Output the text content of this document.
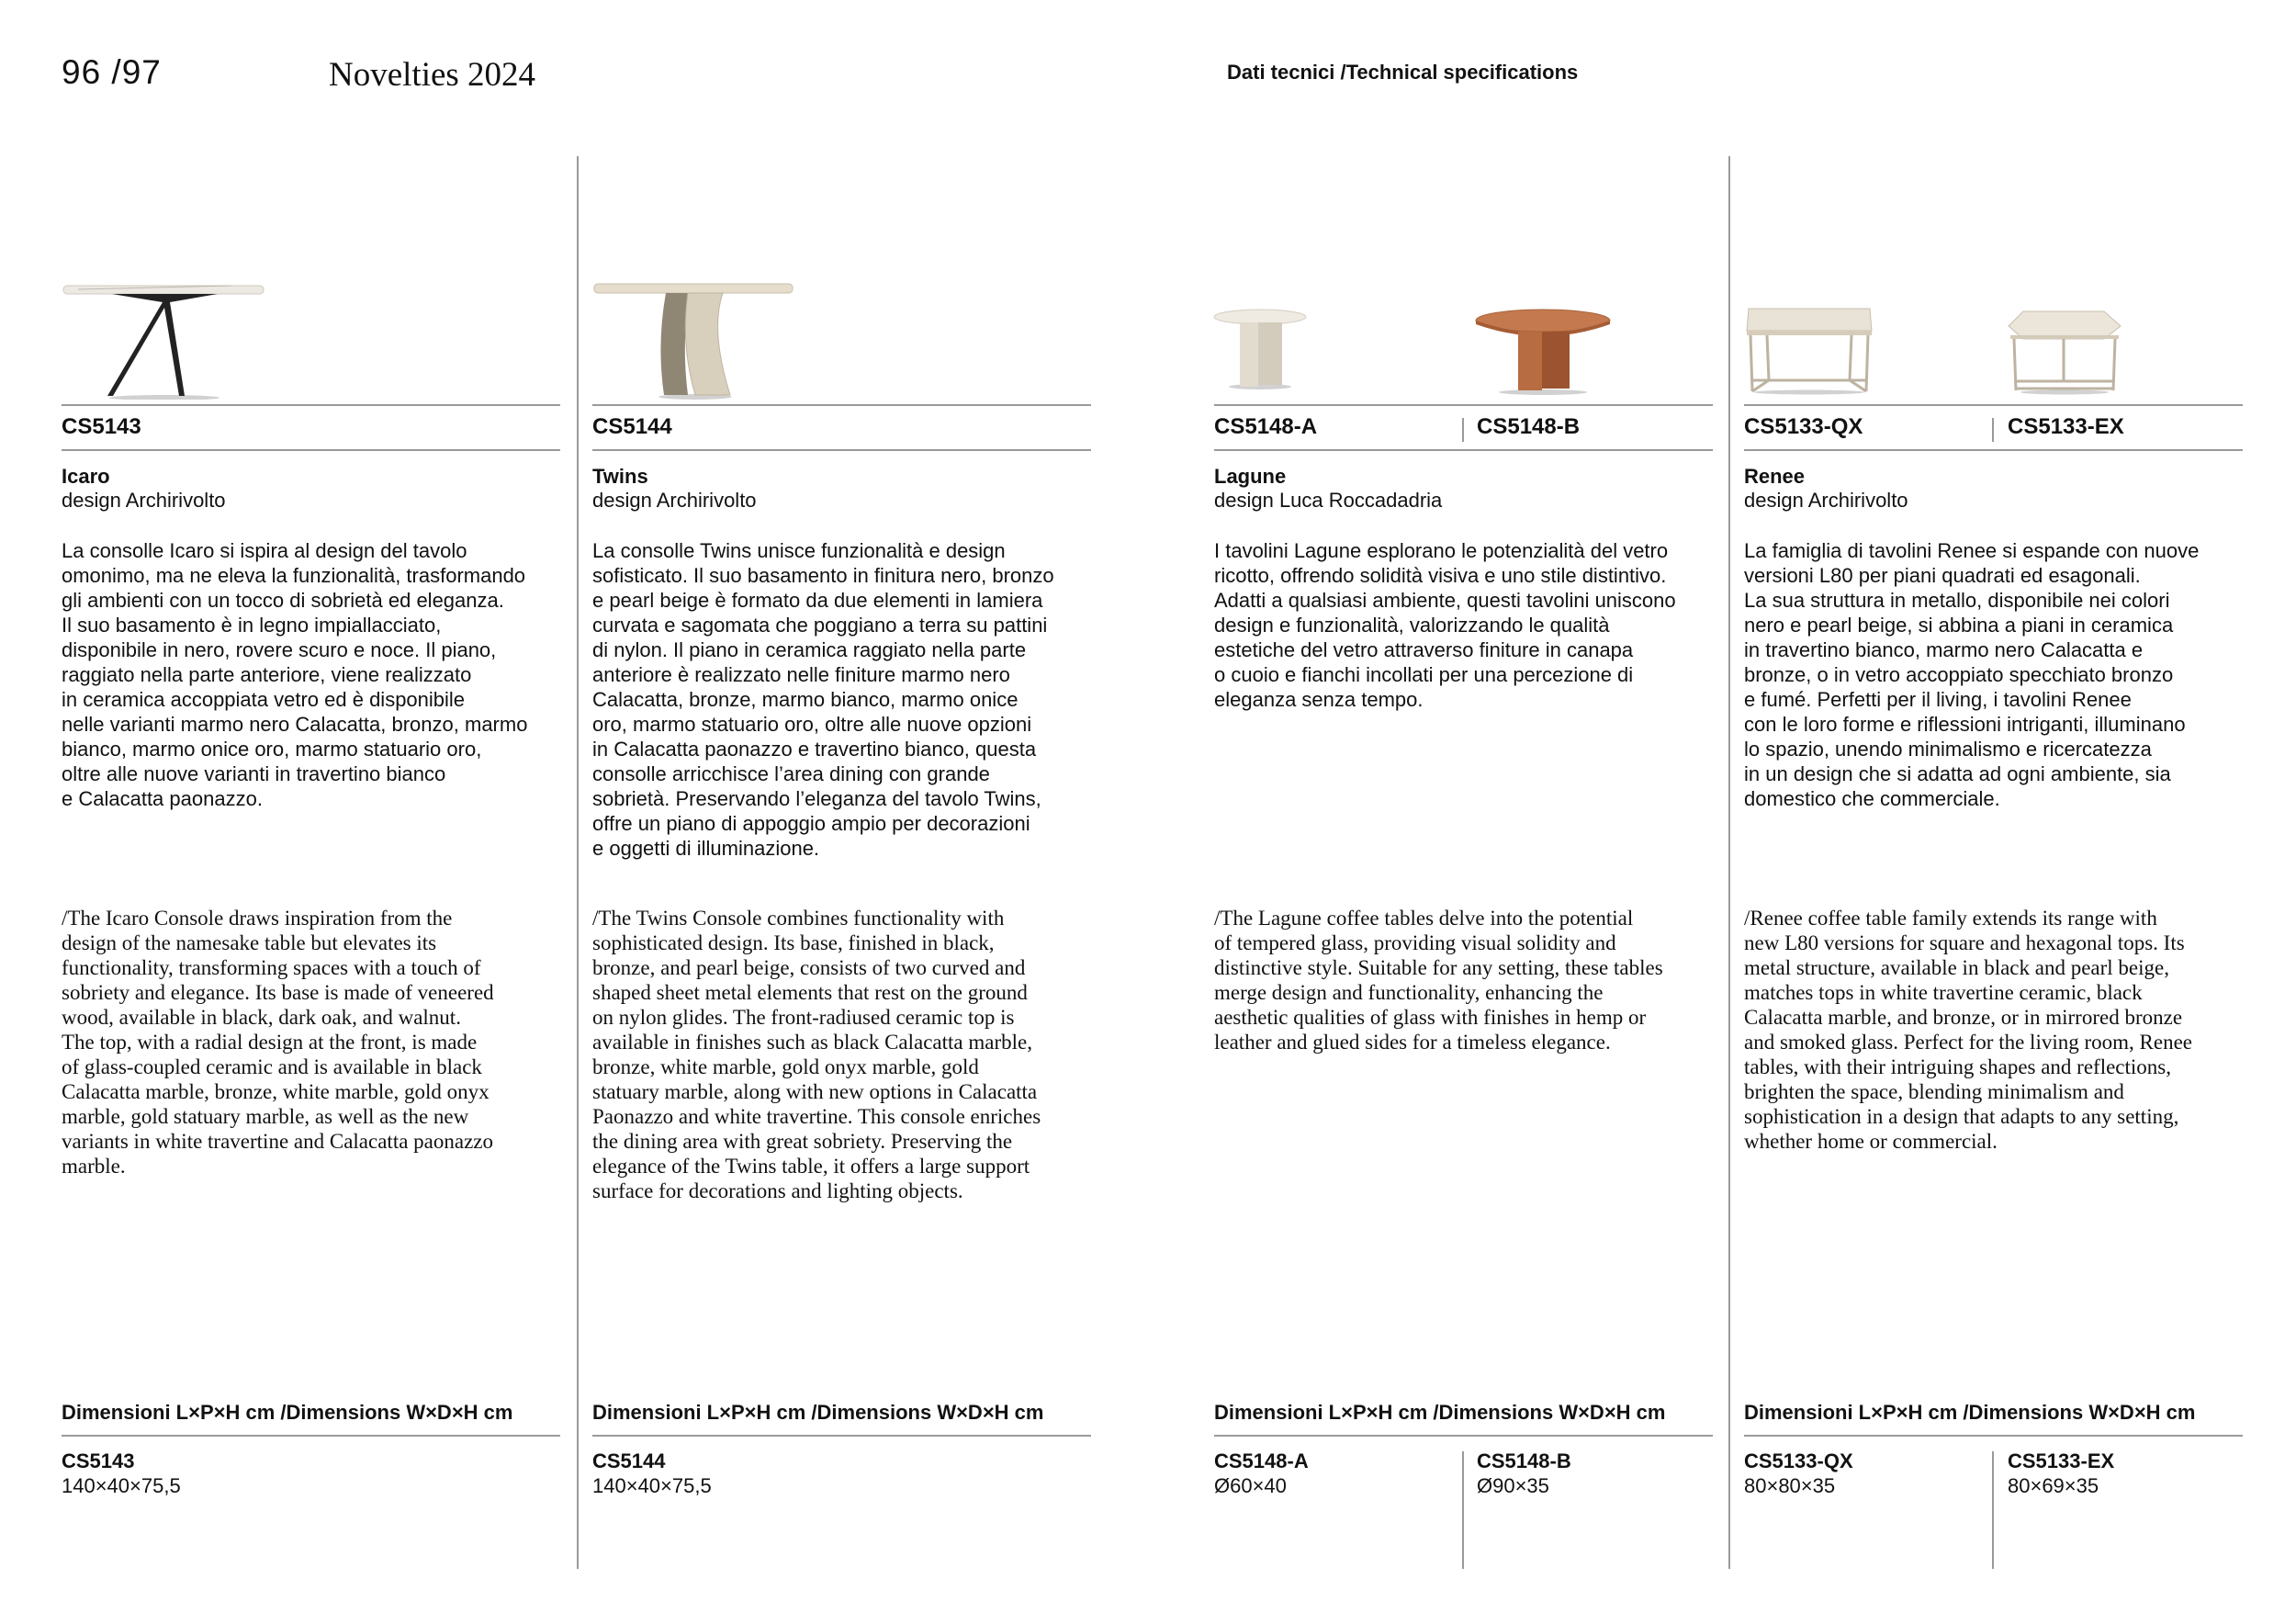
96 /97	Novelties 2024	Dati tecnici /Technical specifications
CS5143
Icaro
design Archirivolto
La consolle Icaro si ispira al design del tavolo
omonimo, ma ne eleva la funzionalità, trasformando
gli ambienti con un tocco di sobrietà ed eleganza.
Il suo basamento è in legno impiallacciato,
disponibile in nero, rovere scuro e noce. Il piano,
raggiato nella parte anteriore, viene realizzato
in ceramica accoppiata vetro ed è disponibile
nelle varianti marmo nero Calacatta, bronzo, marmo
bianco, marmo onice oro, marmo statuario oro,
oltre alle nuove varianti in travertino bianco
e Calacatta paonazzo.
/The Icaro Console draws inspiration from the
design of the namesake table but elevates its
functionality, transforming spaces with a touch of
sobriety and elegance. Its base is made of veneered
wood, available in black, dark oak, and walnut.
The top, with a radial design at the front, is made
of glass-coupled ceramic and is available in black
Calacatta marble, bronze, white marble, gold onyx
marble, gold statuary marble, as well as the new
variants in white travertine and Calacatta paonazzo
marble.
Dimensioni L×P×H cm /Dimensions W×D×H cm
CS5143
140×40×75,5
CS5144
Twins
design Archirivolto
La consolle Twins unisce funzionalità e design
sofisticato. Il suo basamento in finitura nero, bronzo
e pearl beige è formato da due elementi in lamiera
curvata e sagomata che poggiano a terra su pattini
di nylon. Il piano in ceramica raggiato nella parte
anteriore è realizzato nelle finiture marmo nero
Calacatta, bronze, marmo bianco, marmo onice
oro, marmo statuario oro, oltre alle nuove opzioni
in Calacatta paonazzo e travertino bianco, questa
consolle arricchisce l’area dining con grande
sobrietà. Preservando l’eleganza del tavolo Twins,
offre un piano di appoggio ampio per decorazioni
e oggetti di illuminazione.
/The Twins Console combines functionality with
sophisticated design. Its base, finished in black,
bronze, and pearl beige, consists of two curved and
shaped sheet metal elements that rest on the ground
on nylon glides. The front-radiused ceramic top is
available in finishes such as black Calacatta marble,
bronze, white marble, gold onyx marble, gold
statuary marble, along with new options in Calacatta
Paonazzo and white travertine. This console enriches
the dining area with great sobriety. Preserving the
elegance of the Twins table, it offers a large support
surface for decorations and lighting objects.
Dimensioni L×P×H cm /Dimensions W×D×H cm
CS5144
140×40×75,5
CS5148-A	CS5148-B
Lagune
design Luca Roccadadria
I tavolini Lagune esplorano le potenzialità del vetro
ricotto, offrendo solidità visiva e uno stile distintivo.
Adatti a qualsiasi ambiente, questi tavolini uniscono
design e funzionalità, valorizzando le qualità
estetiche del vetro attraverso finiture in canapa
o cuoio e fianchi incollati per una percezione di
eleganza senza tempo.
/The Lagune coffee tables delve into the potential
of tempered glass, providing visual solidity and
distinctive style. Suitable for any setting, these tables
merge design and functionality, enhancing the
aesthetic qualities of glass with finishes in hemp or
leather and glued sides for a timeless elegance.
Dimensioni L×P×H cm /Dimensions W×D×H cm
CS5148-A
Ø60×40
CS5148-B
Ø90×35
CS5133-QX	CS5133-EX
Renee
design Archirivolto
La famiglia di tavolini Renee si espande con nuove
versioni L80 per piani quadrati ed esagonali.
La sua struttura in metallo, disponibile nei colori
nero e pearl beige, si abbina a piani in ceramica
in travertino bianco, marmo nero Calacatta e
bronze, o in vetro accoppiato specchiato bronzo
e fumé. Perfetti per il living, i tavolini Renee
con le loro forme e riflessioni intriganti, illuminano
lo spazio, unendo minimalismo e ricercatezza
in un design che si adatta ad ogni ambiente, sia
domestico che commerciale.
/Renee coffee table family extends its range with
new L80 versions for square and hexagonal tops. Its
metal structure, available in black and pearl beige,
matches tops in white travertine ceramic, black
Calacatta marble, and bronze, or in mirrored bronze
and smoked glass. Perfect for the living room, Renee
tables, with their intriguing shapes and reflections,
brighten the space, blending minimalism and
sophistication in a design that adapts to any setting,
whether home or commercial.
Dimensioni L×P×H cm /Dimensions W×D×H cm
CS5133-QX
80×80×35
CS5133-EX
80×69×35
